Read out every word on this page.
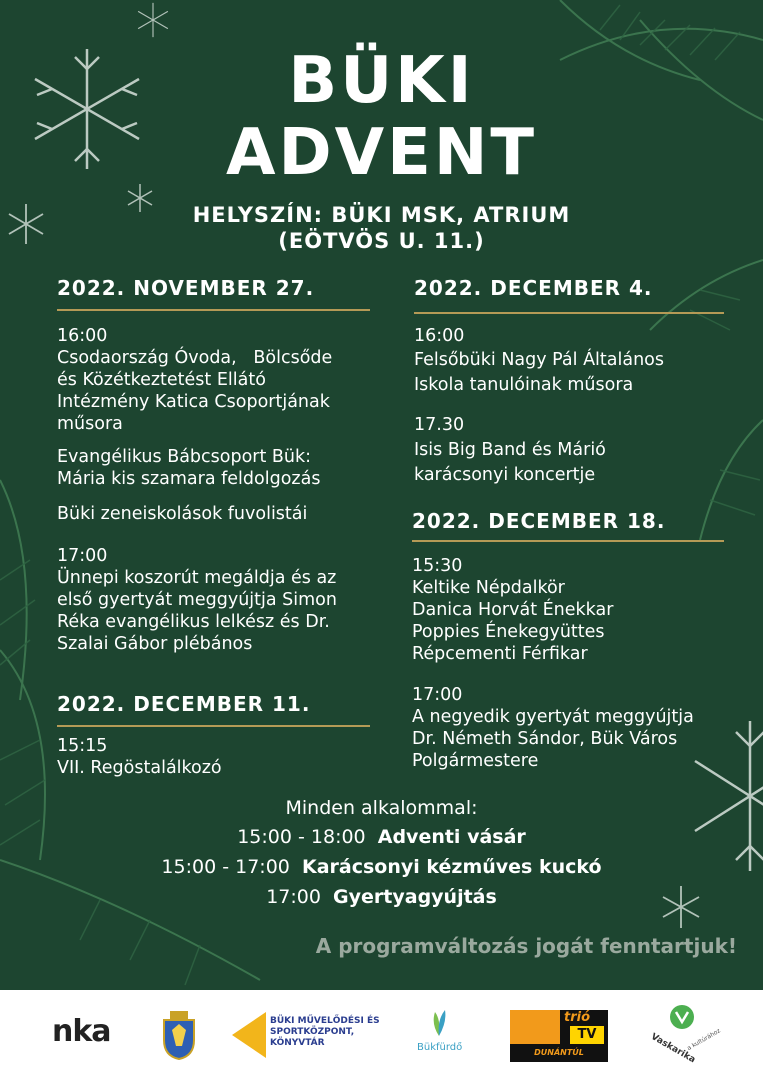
BÜKI
ADVENT
HELYSZÍN: BÜKI MSK, ATRIUM
(EÖTVÖS U. 11.)
2022. NOVEMBER 27.
16:00
Csodaország Óvoda,   Bölcsőde
és Közétkeztetést Ellátó
Intézmény Katica Csoportjának
műsora
Evangélikus Bábcsoport Bük:
Mária kis szamara feldolgozás
Büki zeneiskolások fuvolistái
17:00
Ünnepi koszorút megáldja és az
első gyertyát meggyújtja Simon
Réka evangélikus lelkész és Dr.
Szalai Gábor plébános
2022. DECEMBER 11.
15:15
VII. Regöstalálkozó
2022. DECEMBER 4.
16:00
Felsőbüki Nagy Pál Általános
Iskola tanulóinak műsora
17.30
Isis Big Band és Márió
karácsonyi koncertje
2022. DECEMBER 18.
15:30
Keltike Népdalkör
Danica Horvát Énekkar
Poppies Énekegyüttes
Répcementi Férfikar
17:00
A negyedik gyertyát meggyújtja
Dr. Németh Sándor, Bük Város
Polgármestere
Minden alkalommal:
15:00 - 18:00 Adventi vásár
15:00 - 17:00 Karácsonyi kézműves kuckó
17:00 Gyertyagyújtás
A programváltozás jogát fenntartjuk!
nka	BÜKI MŰVELŐDÉSI ÉS
SPORTKÖZPONT,
KÖNYVTÁR	Bükfürdő
trió
TV
DUNÁNTÚL	Vaskarika
a kultúrához
